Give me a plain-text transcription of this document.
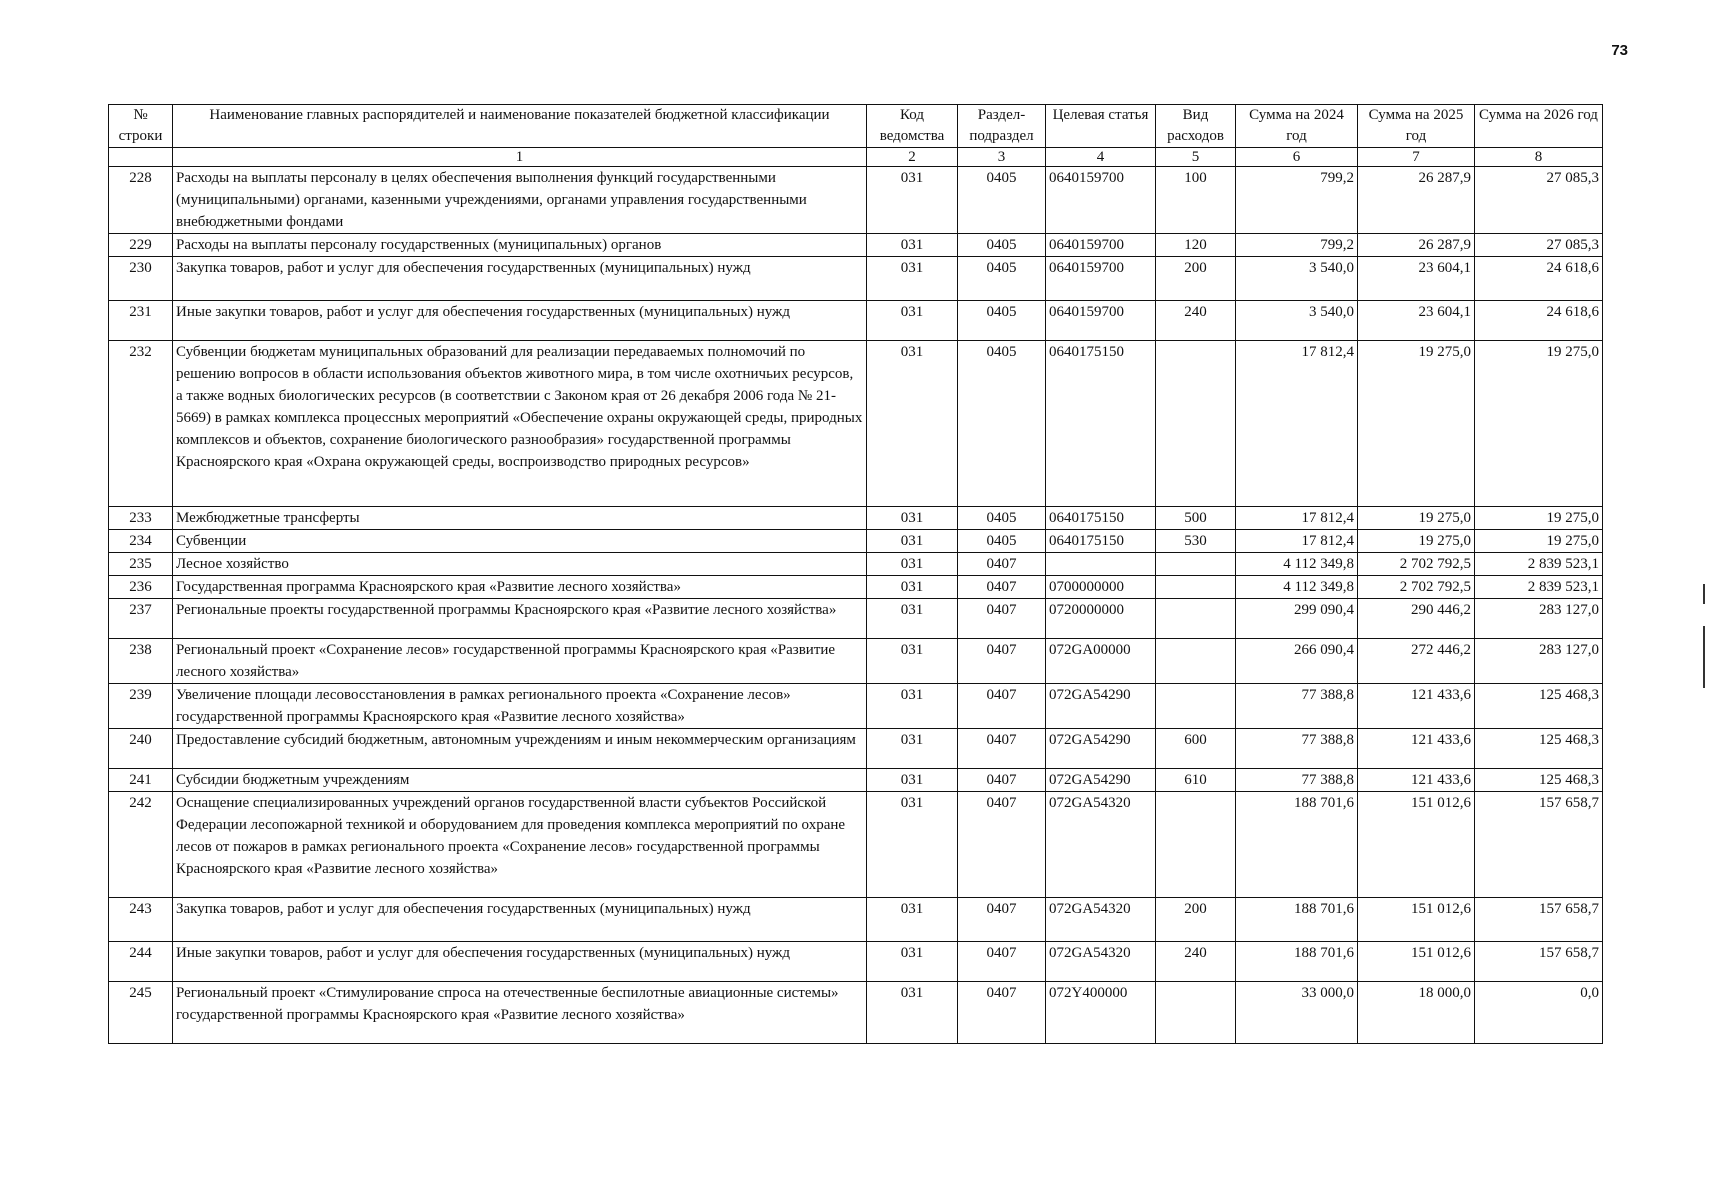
73
№ строки	Наименование главных распорядителей и наименование показателей бюджетной классификации	Код ведомства	Раздел-подраздел	Целевая статья	Вид расходов	Сумма на 2024 год	Сумма на 2025 год	Сумма на 2026 год
	1	2	3	4	5	6	7	8
228	Расходы на выплаты персоналу в целях обеспечения выполнения функций государственными (муниципальными) органами, казенными учреждениями, органами управления государственными внебюджетными фондами	031	0405	0640159700	100	799,2	26 287,9	27 085,3
229	Расходы на выплаты персоналу государственных (муниципальных) органов	031	0405	0640159700	120	799,2	26 287,9	27 085,3
230	Закупка товаров, работ и услуг для обеспечения государственных (муниципальных) нужд	031	0405	0640159700	200	3 540,0	23 604,1	24 618,6
231	Иные закупки товаров, работ и услуг для обеспечения государственных (муниципальных) нужд	031	0405	0640159700	240	3 540,0	23 604,1	24 618,6
232	Субвенции бюджетам муниципальных образований для реализации передаваемых полномочий по решению вопросов в области использования объектов животного мира, в том числе охотничьих ресурсов, а также водных биологических ресурсов (в соответствии с Законом края от 26 декабря 2006 года № 21-5669) в рамках комплекса процессных мероприятий «Обеспечение охраны окружающей среды, природных комплексов и объектов, сохранение биологического разнообразия» государственной программы Красноярского края «Охрана окружающей среды, воспроизводство природных ресурсов»	031	0405	0640175150		17 812,4	19 275,0	19 275,0
233	Межбюджетные трансферты	031	0405	0640175150	500	17 812,4	19 275,0	19 275,0
234	Субвенции	031	0405	0640175150	530	17 812,4	19 275,0	19 275,0
235	Лесное хозяйство	031	0407			4 112 349,8	2 702 792,5	2 839 523,1
236	Государственная программа Красноярского края «Развитие лесного хозяйства»	031	0407	0700000000		4 112 349,8	2 702 792,5	2 839 523,1
237	Региональные проекты государственной программы Красноярского края «Развитие лесного хозяйства»	031	0407	0720000000		299 090,4	290 446,2	283 127,0
238	Региональный проект «Сохранение лесов» государственной программы Красноярского края «Развитие лесного хозяйства»	031	0407	072GA00000		266 090,4	272 446,2	283 127,0
239	Увеличение площади лесовосстановления в рамках регионального проекта «Сохранение лесов» государственной программы Красноярского края «Развитие лесного хозяйства»	031	0407	072GA54290		77 388,8	121 433,6	125 468,3
240	Предоставление субсидий бюджетным, автономным учреждениям и иным некоммерческим организациям	031	0407	072GA54290	600	77 388,8	121 433,6	125 468,3
241	Субсидии бюджетным учреждениям	031	0407	072GA54290	610	77 388,8	121 433,6	125 468,3
242	Оснащение специализированных учреждений органов государственной власти субъектов Российской Федерации лесопожарной техникой и оборудованием для проведения комплекса мероприятий по охране лесов от пожаров в рамках регионального проекта «Сохранение лесов» государственной программы Красноярского края «Развитие лесного хозяйства»	031	0407	072GA54320		188 701,6	151 012,6	157 658,7
243	Закупка товаров, работ и услуг для обеспечения государственных (муниципальных) нужд	031	0407	072GA54320	200	188 701,6	151 012,6	157 658,7
244	Иные закупки товаров, работ и услуг для обеспечения государственных (муниципальных) нужд	031	0407	072GA54320	240	188 701,6	151 012,6	157 658,7
245	Региональный проект «Стимулирование спроса на отечественные беспилотные авиационные системы» государственной программы Красноярского края «Развитие лесного хозяйства»	031	0407	072Y400000		33 000,0	18 000,0	0,0
